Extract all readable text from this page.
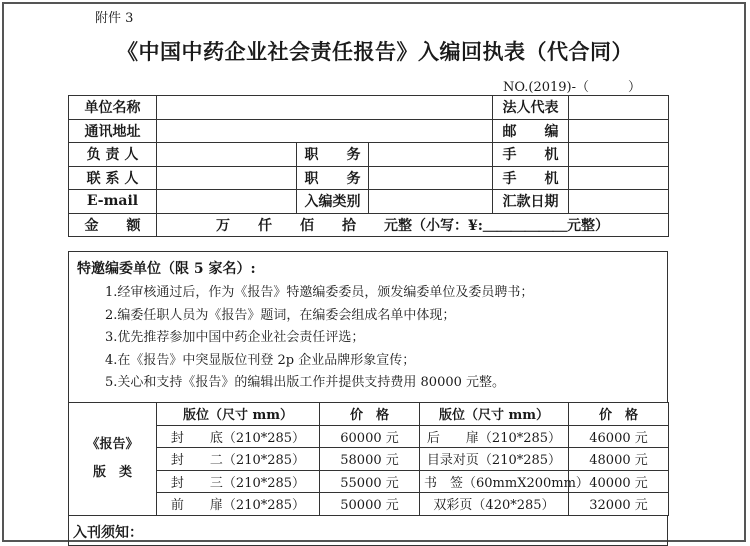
附件 3
《中国中药企业社会责任报告》入编回执表（代合同）
NO.(2019)-（　　　）
单位名称				法人代表	
通讯地址				邮　　编	
负 责 人		职　　务		手　　机	
联 系 人		职　　务		手　　机	
E-mail		入编类别		汇款日期	
金　　额	万　　仟　　佰　　拾　　元整（小写：¥:＿＿＿＿＿＿元整）				
特邀编委单位（限 5 家名）:
1.经审核通过后，作为《报告》特邀编委委员，颁发编委单位及委员聘书；
2.编委任职人员为《报告》题词，在编委会组成名单中体现；
3.优先推荐参加中国中药企业社会责任评选；
4.在《报告》中突显版位刊登 2p 企业品牌形象宣传；
5.关心和支持《报告》的编辑出版工作并提供支持费用 80000 元整。
《报告》
版　类	版位（尺寸 mm）	价　格	版位（尺寸 mm）	价　格
	封　　底（210*285）	60000 元	后　　扉（210*285）	46000 元
	封　　二（210*285）	58000 元	目录对页（210*285）	48000 元
	封　　三（210*285）	55000 元	书　签（60mmX200mm）	40000 元
	前　　扉（210*285）	50000 元	双彩页（420*285）	32000 元
入刊须知：
